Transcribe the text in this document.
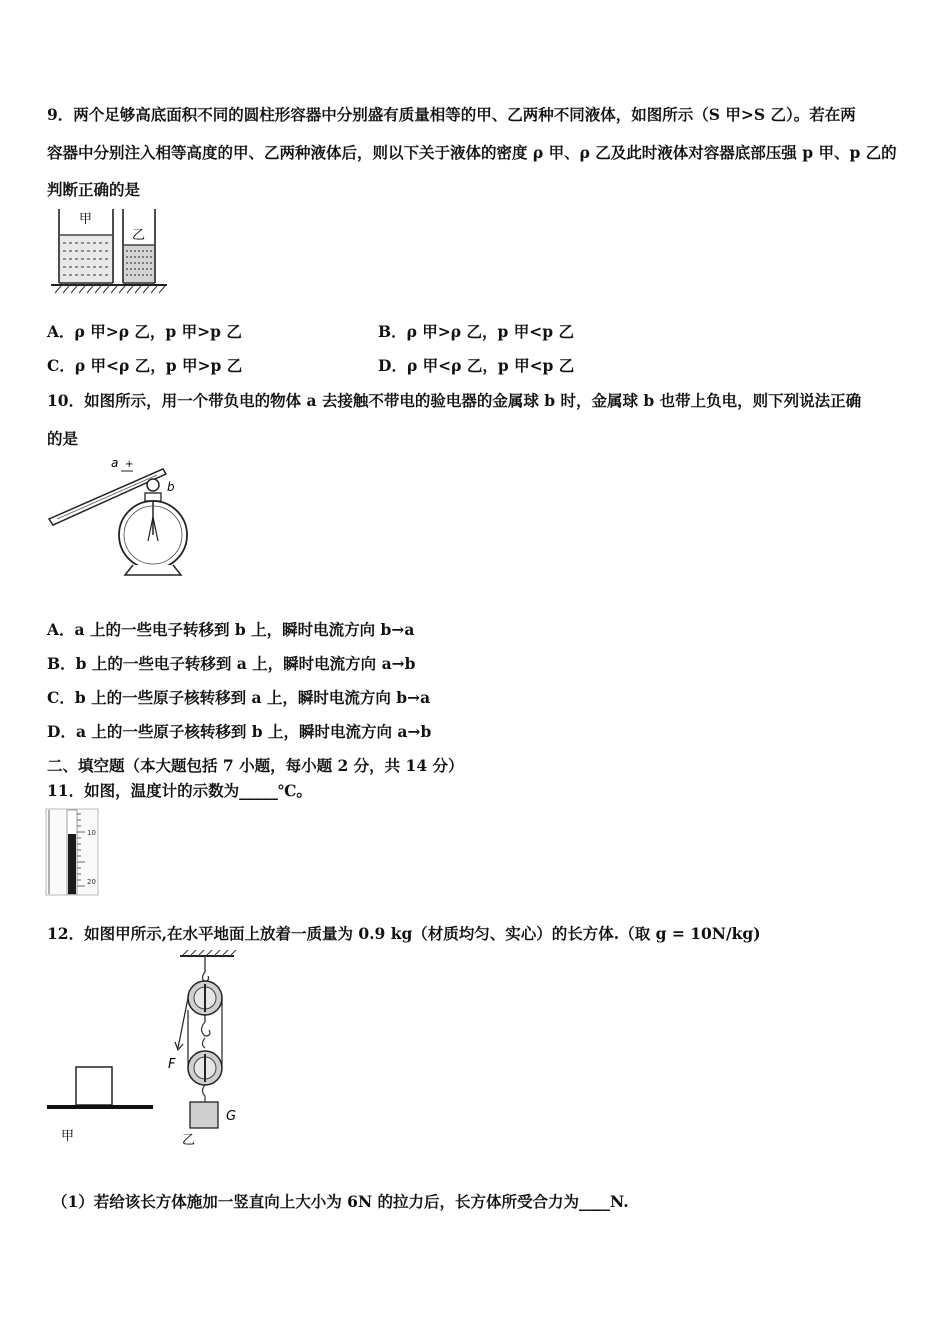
9．两个足够高底面积不同的圆柱形容器中分别盛有质量相等的甲、乙两种不同液体，如图所示（S 甲>S 乙）。若在两
容器中分别注入相等高度的甲、乙两种液体后，则以下关于液体的密度 ρ 甲、ρ 乙及此时液体对容器底部压强 p 甲、p 乙的
判断正确的是
甲
乙
A．ρ 甲>ρ 乙，p 甲>p 乙	B．ρ 甲>ρ 乙，p 甲<p 乙
C．ρ 甲<ρ 乙，p 甲>p 乙	D．ρ 甲<ρ 乙，p 甲<p 乙
10．如图所示，用一个带负电的物体 a 去接触不带电的验电器的金属球 b 时，金属球 b 也带上负电，则下列说法正确
的是
a +
b
A．a 上的一些电子转移到 b 上，瞬时电流方向 b→a
B．b 上的一些电子转移到 a 上，瞬时电流方向 a→b
C．b 上的一些原子核转移到 a 上，瞬时电流方向 b→a
D．a 上的一些原子核转移到 b 上，瞬时电流方向 a→b
二、填空题（本大题包括 7 小题，每小题 2 分，共 14 分）
11．如图，温度计的示数为_____℃。
10
20
12．如图甲所示,在水平地面上放着一质量为 0.9 kg（材质均匀、实心）的长方体.（取 g = 10N/kg)
甲
F
G
乙
（1）若给该长方体施加一竖直向上大小为 6N 的拉力后，长方体所受合力为____N.
